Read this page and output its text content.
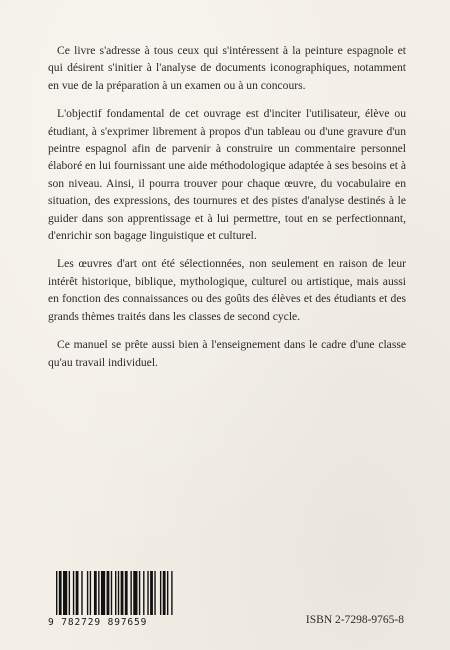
Ce livre s'adresse à tous ceux qui s'intéressent à la peinture espagnole et qui désirent s'initier à l'analyse de documents iconographiques, notamment en vue de la préparation à un examen ou à un concours.

L'objectif fondamental de cet ouvrage est d'inciter l'utilisateur, élève ou étudiant, à s'exprimer librement à propos d'un tableau ou d'une gravure d'un peintre espagnol afin de parvenir à construire un commentaire personnel élaboré en lui fournissant une aide méthodologique adaptée à ses besoins et à son niveau. Ainsi, il pourra trouver pour chaque œuvre, du vocabulaire en situation, des expressions, des tournures et des pistes d'analyse destinés à le guider dans son apprentissage et à lui permettre, tout en se perfectionnant, d'enrichir son bagage linguistique et culturel.

Les œuvres d'art ont été sélectionnées, non seulement en raison de leur intérêt historique, biblique, mythologique, culturel ou artistique, mais aussi en fonction des connaissances ou des goûts des élèves et des étudiants et des grands thèmes traités dans les classes de second cycle.

Ce manuel se prête aussi bien à l'enseignement dans le cadre d'une classe qu'au travail individuel.

9 782729 897659	ISBN 2-7298-9765-8
